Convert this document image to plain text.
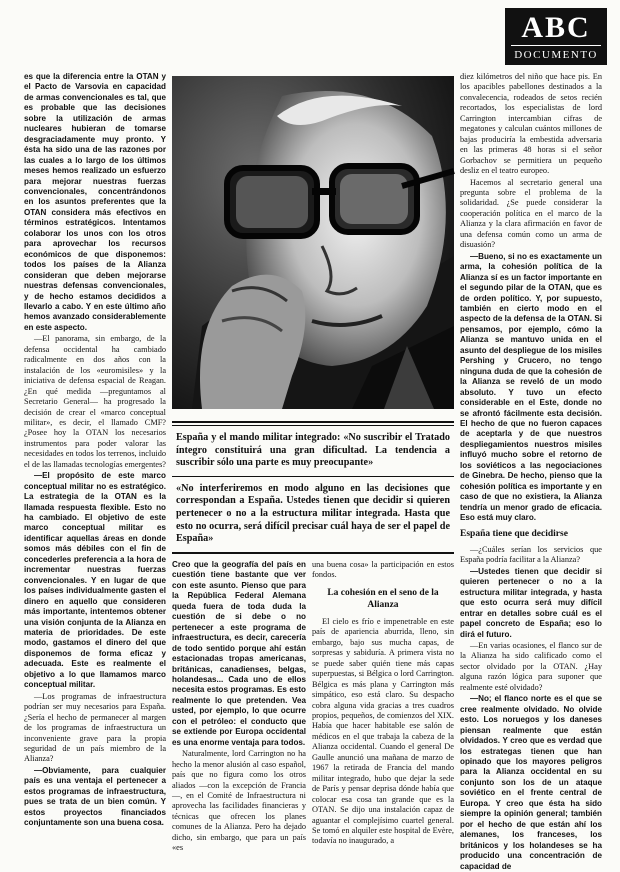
ABC
DOCUMENTO

es que la diferencia entre la OTAN y el Pacto de Varsovia en capacidad de armas convencionales es tal, que es probable que las decisiones sobre la utilización de armas nucleares hubieran de tomarse desgraciadamente muy pronto. Y ésta ha sido una de las razones por las cuales a lo largo de los últimos meses hemos realizado un esfuerzo para mejorar nuestras fuerzas convencionales, concentrándonos en los asuntos preferentes que la OTAN considera más efectivos en términos estratégicos. Intentamos colaborar los unos con los otros para aprovechar los recursos económicos de que disponemos: todos los países de la Alianza consideran que deben mejorarse nuestras defensas convencionales, y de hecho estamos decididos a llevarlo a cabo. Y en este último año hemos avanzado considerablemente en este aspecto.

—El panorama, sin embargo, de la defensa occidental ha cambiado radicalmente en dos años con la instalación de los «euromisiles» y la iniciativa de defensa espacial de Reagan. ¿En qué medida —preguntamos al Secretario General— ha progresado la decisión de crear el «marco conceptual militar», es decir, el llamado CMF? ¿Posee hoy la OTAN los necesarios instrumentos para poder valorar las necesidades en todos los terrenos, incluido el de las llamadas tecnologías emergentes?

—El propósito de este marco conceptual militar no es estratégico. La estrategia de la OTAN es la llamada respuesta flexible. Esto no ha cambiado. El objetivo de este marco conceptual militar es identificar aquellas áreas en donde somos más débiles con el fin de concederles preferencia a la hora de incrementar nuestras fuerzas convencionales. Y en lugar de que los países individualmente gasten el dinero en aquello que consideren más importante, intentemos obtener una visión conjunta de la Alianza en materia de prioridades. De este modo, gastamos el dinero del que disponemos de forma eficaz y adecuada. Este es realmente el objetivo a lo que llamamos marco conceptual militar.

—Los programas de infraestructura podrían ser muy necesarios para España. ¿Sería el hecho de permanecer al margen de los programas de infraestructura un inconveniente grave para la propia seguridad de un país miembro de la Alianza?

—Obviamente, para cualquier país es una ventaja el pertenecer a estos programas de infraestructura, pues se trata de un bien común. Y estos proyectos financiados conjuntamente son una buena cosa.

España y el mando militar integrado: «No suscribir el Tratado íntegro constituirá una gran dificultad. La tendencia a suscribir sólo una parte es muy preocupante»

«No interferiremos en modo alguno en las decisiones que correspondan a España. Ustedes tienen que decidir si quieren pertenecer o no a la estructura militar integrada. Hasta que esto no ocurra, será difícil precisar cuál haya de ser el papel de España»

Creo que la geografía del país en cuestión tiene bastante que ver con este asunto. Pienso que para la República Federal Alemana queda fuera de toda duda la cuestión de si debe o no pertenecer a este programa de infraestructura, es decir, carecería de todo sentido porque ahí están estacionadas tropas americanas, británicas, canadienses, belgas, holandesas... Cada uno de ellos necesita estos programas. Es esto realmente lo que pretenden. Vea usted, por ejemplo, lo que ocurre con el petróleo: el conducto que se extiende por Europa occidental es una enorme ventaja para todos.

Naturalmente, lord Carrington no ha hecho la menor alusión al caso español, país que no figura como los otros aliados —con la excepción de Francia—, en el Comité de Infraestructura ni aprovecha las facilidades financieras y técnicas que ofrecen los planes comunes de la Alianza. Pero ha dejado dicho, sin embargo, que para un país «es

una buena cosa» la participación en estos fondos.

La cohesión en el seno de la Alianza

El cielo es frío e impenetrable en este país de apariencia aburrida, lleno, sin embargo, bajo sus mucha capas, de sorpresas y sabiduría. A primera vista no se puede saber quién tiene más capas superpuestas, si Bélgica o lord Carrington. Bélgica es más plana y Carrington más simpático, eso está claro. Su despacho cobra alguna vida gracias a tres cuadros propios, pequeños, de comienzos del XIX. Había que hacer habitable ese salón de médicos en el que trabaja la cabeza de la Alianza occidental. Cuando el general De Gaulle anunció una mañana de marzo de 1967 la retirada de Francia del mando militar integrado, hubo que dejar la sede de París y pensar deprisa dónde había que colocar esa cosa tan grande que es la OTAN. Se dijo una instalación capaz de aguantar el complejísimo cuartel general. Se tomó en alquiler este hospital de Evère, todavía no inaugurado, a

diez kilómetros del niño que hace pis. En los apacibles pabellones destinados a la convalecencia, rodeados de setos recién recortados, los especialistas de lord Carrington intercambian cifras de megatones y calculan cuántos millones de bajas produciría la embestida adversaria en las primeras 48 horas si el señor Gorbachov se permitiera un pequeño desliz en el teatro europeo.

Hacemos al secretario general una pregunta sobre el problema de la solidaridad. ¿Se puede considerar la cooperación política en el marco de la Alianza y la clara afirmación en favor de una defensa común como un arma de disuasión?

—Bueno, si no es exactamente un arma, la cohesión política de la Alianza sí es un factor importante en el segundo pilar de la OTAN, que es de orden político. Y, por supuesto, también en cierto modo en el aspecto de la defensa de la OTAN. Si pensamos, por ejemplo, cómo la Alianza se mantuvo unida en el asunto del despliegue de los misiles Pershing y Crucero, no tengo ninguna duda de que la cohesión de la Alianza se reveló de un modo absoluto. Y tuvo un efecto considerable en el Este, donde no se afrontó fácilmente esta decisión. El hecho de que no fueron capaces de aceptarla y de que nuestros despliegamientos nuestros misiles influyó mucho sobre el retorno de los soviéticos a las negociaciones de Ginebra. De hecho, pienso que la cohesión política es importante y en caso de que no existiera, la Alianza tendría un menor grado de eficacia. Eso está muy claro.

España tiene que decidirse

—¿Cuáles serían los servicios que España podría facilitar a la Alianza?

—Ustedes tienen que decidir si quieren pertenecer o no a la estructura militar integrada, y hasta que esto ocurra será muy difícil entrar en detalles sobre cuál es el papel concreto de España; eso lo dirá el futuro.

—En varias ocasiones, el flanco sur de la Alianza ha sido calificado como el sector olvidado por la OTAN. ¿Hay alguna razón lógica para suponer que realmente esté olvidado?

—No; el flanco norte es el que se cree realmente olvidado. No olvide esto. Los noruegos y los daneses piensan realmente que están olvidados. Y creo que es verdad que los estrategas tienen que han opinado que los mayores peligros para la Alianza occidental en su conjunto son los de un ataque soviético en el frente central de Europa. Y creo que ésta ha sido siempre la opinión general; también por el hecho de que están ahí los alemanes, los franceses, los británicos y los holandeses se ha producido una concentración de capacidad de
